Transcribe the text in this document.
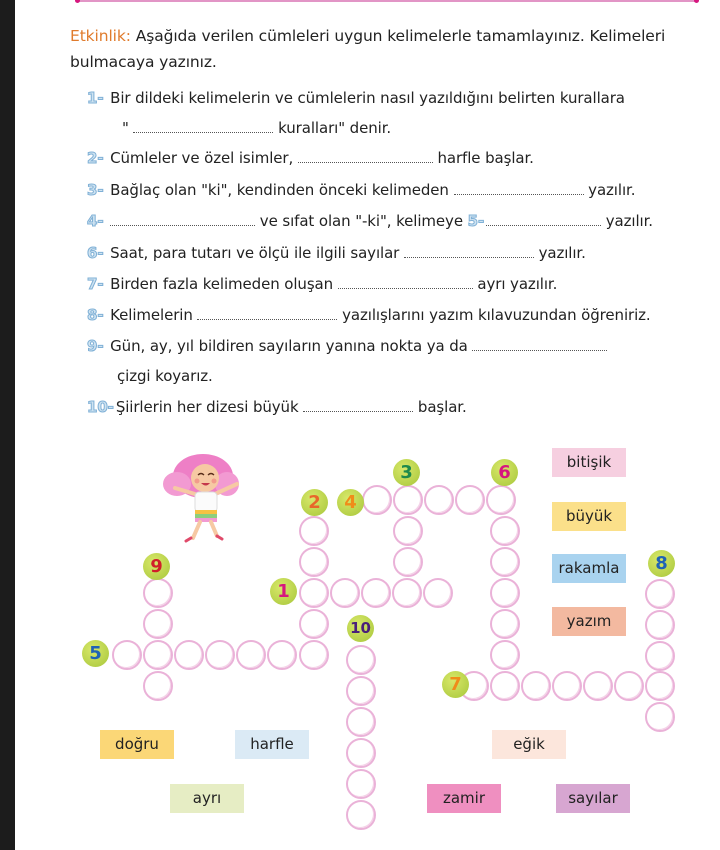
Etkinlik: Aşağıda verilen cümleleri uygun kelimelerle tamamlayınız. Kelimeleri bulmacaya yazınız.
1- Bir dildeki kelimelerin ve cümlelerin nasıl yazıldığını belirten kurallara
"	kuralları" denir.
2- Cümleler ve özel isimler,	harfle başlar.
3- Bağlaç olan "ki", kendinden önceki kelimeden	yazılır.
4-	ve sıfat olan "-ki", kelimeye 5-	yazılır.
6- Saat, para tutarı ve ölçü ile ilgili sayılar	yazılır.
7- Birden fazla kelimeden oluşan	ayrı yazılır.
8- Kelimelerin	yazılışlarını yazım kılavuzundan öğreniriz.
9- Gün, ay, yıl bildiren sayıların yanına nokta ya da
çizgi koyarız.
10- Şiirlerin her dizesi büyük	başlar.
1
2
3
4
5
6
7
8
9
10
bitişik
büyük
rakamla
yazım
doğru	harfle	eğik
ayrı	zamir	sayılar
